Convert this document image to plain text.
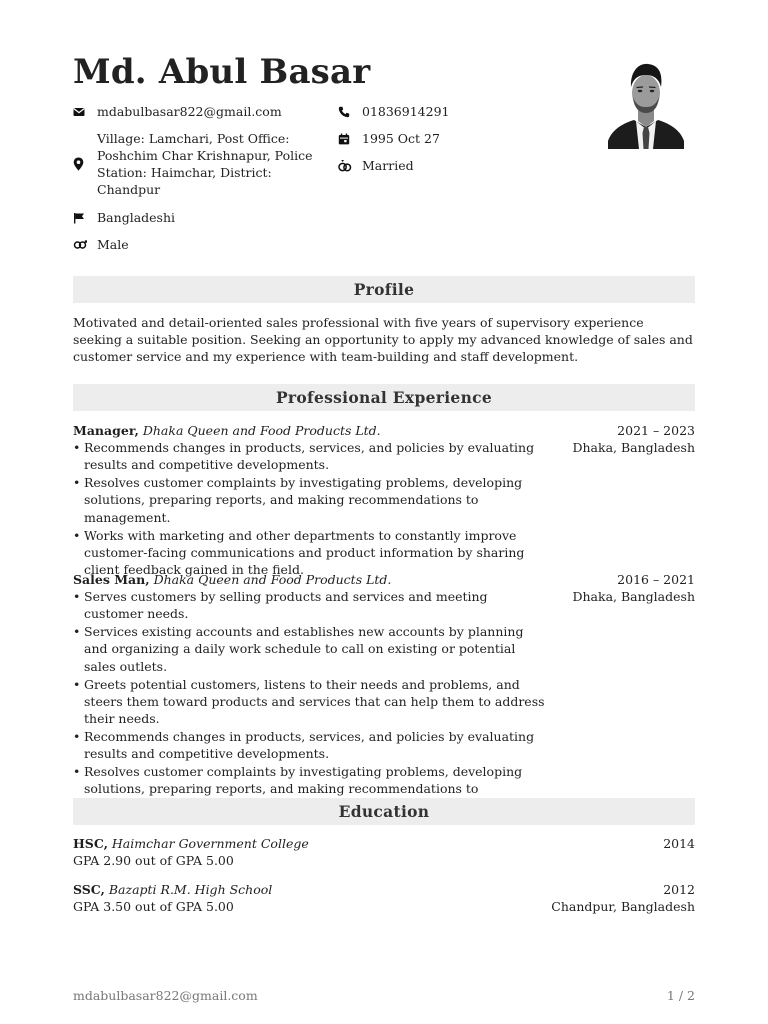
Md. Abul Basar
mdabulbasar822@gmail.com
Village: Lamchari, Post Office: Poshchim Char Krishnapur, Police Station: Haimchar, District: Chandpur
Bangladeshi
Male
01836914291
1995 Oct 27
Married
Profile
Motivated and detail-oriented sales professional with five years of supervisory experience seeking a suitable position. Seeking an opportunity to apply my advanced knowledge of sales and customer service and my experience with team-building and staff development.
Professional Experience
Manager, Dhaka Queen and Food Products Ltd.	2021 – 2023
Dhaka, Bangladesh
• Recommends changes in products, services, and policies by evaluating results and competitive developments.
• Resolves customer complaints by investigating problems, developing solutions, preparing reports, and making recommendations to management.
• Works with marketing and other departments to constantly improve customer-facing communications and product information by sharing client feedback gained in the field.
Sales Man, Dhaka Queen and Food Products Ltd.	2016 – 2021
Dhaka, Bangladesh
• Serves customers by selling products and services and meeting customer needs.
• Services existing accounts and establishes new accounts by planning and organizing a daily work schedule to call on existing or potential sales outlets.
• Greets potential customers, listens to their needs and problems, and steers them toward products and services that can help them to address their needs.
• Recommends changes in products, services, and policies by evaluating results and competitive developments.
• Resolves customer complaints by investigating problems, developing solutions, preparing reports, and making recommendations to
Education
HSC, Haimchar Government College	2014
GPA 2.90 out of GPA 5.00
SSC, Bazapti R.M. High School	2012
Chandpur, Bangladesh
GPA 3.50 out of GPA 5.00
mdabulbasar822@gmail.com	1 / 2
